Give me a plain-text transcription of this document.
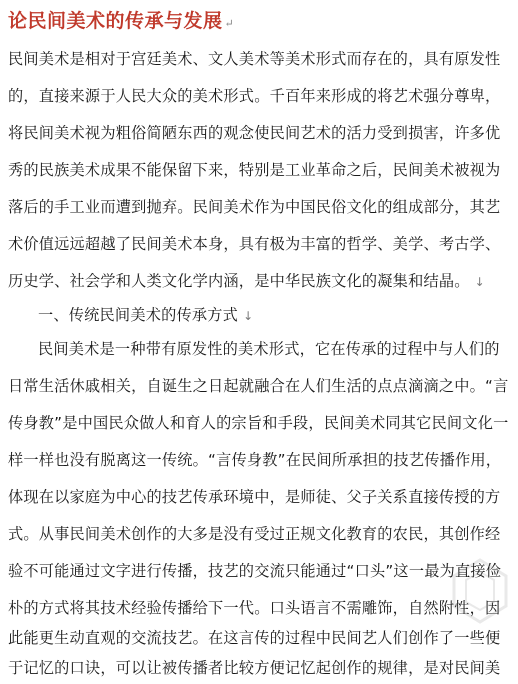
论民间美术的传承与发展 ↵
民间美术是相对于宫廷美术、文人美术等美术形式而存在的，具有原发性
的，直接来源于人民大众的美术形式。千百年来形成的将艺术强分尊卑，
将民间美术视为粗俗简陋东西的观念使民间艺术的活力受到损害，许多优
秀的民族美术成果不能保留下来，特别是工业革命之后，民间美术被视为
落后的手工业而遭到抛弃。民间美术作为中国民俗文化的组成部分，其艺
术价值远远超越了民间美术本身，具有极为丰富的哲学、美学、考古学、
历史学、社会学和人类文化学内涵，是中华民族文化的凝集和结晶。 ↓
一、传统民间美术的传承方式 ↓
民间美术是一种带有原发性的美术形式，它在传承的过程中与人们的
日常生活休戚相关，自诞生之日起就融合在人们生活的点点滴滴之中。“言
传身教”是中国民众做人和育人的宗旨和手段，民间美术同其它民间文化一
样一样也没有脱离这一传统。“言传身教”在民间所承担的技艺传播作用，
体现在以家庭为中心的技艺传承环境中，是师徒、父子关系直接传授的方
式。从事民间美术创作的大多是没有受过正规文化教育的农民，其创作经
验不可能通过文字进行传播，技艺的交流只能通过“口头”这一最为直接俭
朴的方式将其技术经验传播给下一代。口头语言不需雕饰，自然附性，因
此能更生动直观的交流技艺。在这言传的过程中民间艺人们创作了一些便
于记忆的口诀，可以让被传播者比较方便记忆起创作的规律，是对民间美
